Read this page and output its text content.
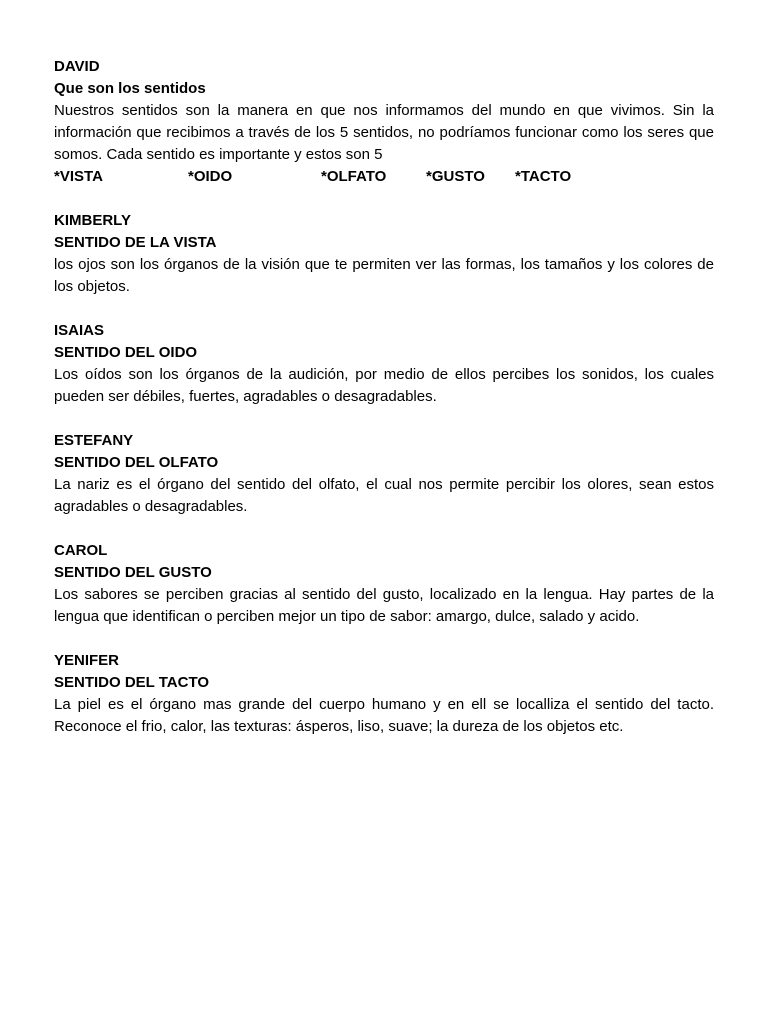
DAVID

Que son los sentidos

Nuestros sentidos son la manera en que nos informamos del mundo en que vivimos. Sin la información que recibimos a través de los 5 sentidos, no podríamos funcionar como los seres que somos. Cada sentido es importante y estos son 5

*VISTA	*OIDO	*OLFATO	*GUSTO	*TACTO

KIMBERLY

SENTIDO DE LA VISTA

los ojos son los órganos de la visión que te permiten ver las formas, los tamaños y los colores de los objetos.

ISAIAS

SENTIDO DEL OIDO

Los oídos son los órganos de la audición, por medio de ellos percibes los sonidos, los cuales pueden ser débiles, fuertes, agradables o desagradables.

ESTEFANY

SENTIDO DEL OLFATO

La nariz es el órgano del sentido del olfato, el cual nos permite percibir los olores, sean estos agradables o desagradables.

CAROL

SENTIDO DEL GUSTO

Los sabores se perciben gracias al sentido del gusto, localizado en la lengua. Hay partes de la lengua que identifican o perciben mejor un tipo de sabor: amargo, dulce, salado y acido.

YENIFER

SENTIDO DEL TACTO

La piel es el órgano mas grande del cuerpo humano y en ell se localliza el sentido del tacto. Reconoce el frio, calor, las texturas: ásperos, liso, suave; la dureza de los objetos etc.
